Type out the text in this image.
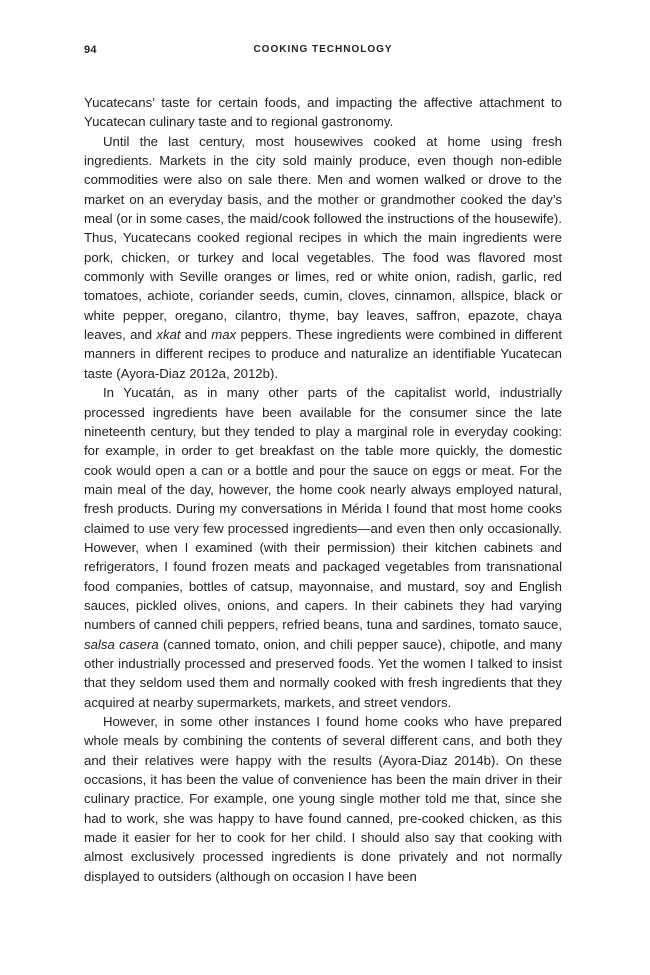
94	COOKING TECHNOLOGY

Yucatecans’ taste for certain foods, and impacting the affective attachment to Yucatecan culinary taste and to regional gastronomy.

Until the last century, most housewives cooked at home using fresh ingredients. Markets in the city sold mainly produce, even though non-edible commodities were also on sale there. Men and women walked or drove to the market on an everyday basis, and the mother or grandmother cooked the day’s meal (or in some cases, the maid/cook followed the instructions of the housewife). Thus, Yucatecans cooked regional recipes in which the main ingredients were pork, chicken, or turkey and local vegetables. The food was flavored most commonly with Seville oranges or limes, red or white onion, radish, garlic, red tomatoes, achiote, coriander seeds, cumin, cloves, cinnamon, allspice, black or white pepper, oregano, cilantro, thyme, bay leaves, saffron, epazote, chaya leaves, and xkat and max peppers. These ingredients were combined in different manners in different recipes to produce and naturalize an identifiable Yucatecan taste (Ayora-Diaz 2012a, 2012b).

In Yucatán, as in many other parts of the capitalist world, industrially processed ingredients have been available for the consumer since the late nineteenth century, but they tended to play a marginal role in everyday cooking: for example, in order to get breakfast on the table more quickly, the domestic cook would open a can or a bottle and pour the sauce on eggs or meat. For the main meal of the day, however, the home cook nearly always employed natural, fresh products. During my conversations in Mérida I found that most home cooks claimed to use very few processed ingredients—and even then only occasionally. However, when I examined (with their permission) their kitchen cabinets and refrigerators, I found frozen meats and packaged vegetables from transnational food companies, bottles of catsup, mayonnaise, and mustard, soy and English sauces, pickled olives, onions, and capers. In their cabinets they had varying numbers of canned chili peppers, refried beans, tuna and sardines, tomato sauce, salsa casera (canned tomato, onion, and chili pepper sauce), chipotle, and many other industrially processed and preserved foods. Yet the women I talked to insist that they seldom used them and normally cooked with fresh ingredients that they acquired at nearby supermarkets, markets, and street vendors.

However, in some other instances I found home cooks who have prepared whole meals by combining the contents of several different cans, and both they and their relatives were happy with the results (Ayora-Diaz 2014b). On these occasions, it has been the value of convenience has been the main driver in their culinary practice. For example, one young single mother told me that, since she had to work, she was happy to have found canned, pre-cooked chicken, as this made it easier for her to cook for her child. I should also say that cooking with almost exclusively processed ingredients is done privately and not normally displayed to outsiders (although on occasion I have been
